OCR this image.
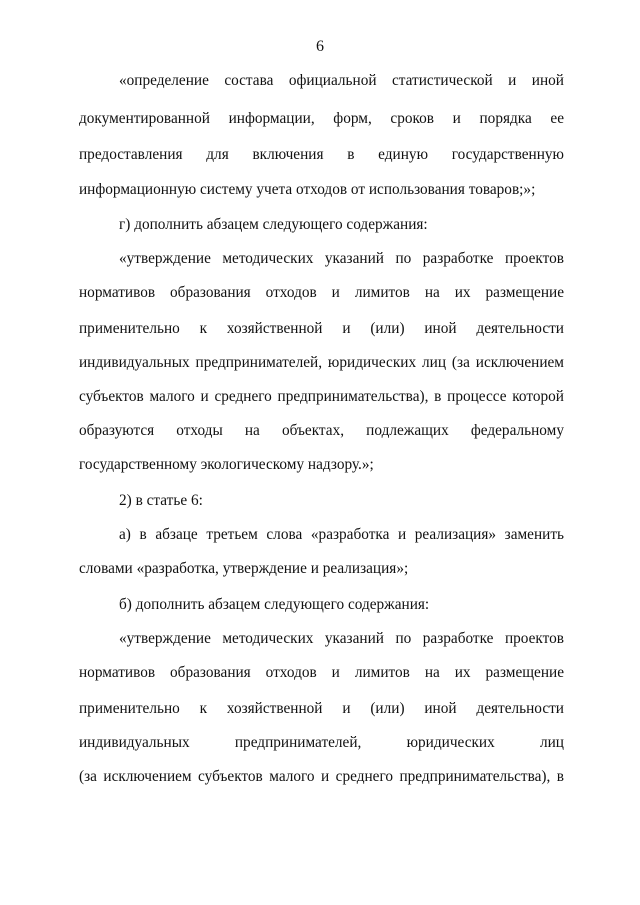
6
«определение состава официальной статистической и иной
документированной информации, форм, сроков и порядка ее
предоставления для включения в единую государственную
информационную систему учета отходов от использования товаров;»;
г) дополнить абзацем следующего содержания:
«утверждение методических указаний по разработке проектов
нормативов образования отходов и лимитов на их размещение
применительно к хозяйственной и (или) иной деятельности
индивидуальных предпринимателей, юридических лиц (за исключением
субъектов малого и среднего предпринимательства), в процессе которой
образуются отходы на объектах, подлежащих федеральному
государственному экологическому надзору.»;
2) в статье 6:
а) в абзаце третьем слова «разработка и реализация» заменить
словами «разработка, утверждение и реализация»;
б) дополнить абзацем следующего содержания:
«утверждение методических указаний по разработке проектов
нормативов образования отходов и лимитов на их размещение
применительно к хозяйственной и (или) иной деятельности
индивидуальных предпринимателей, юридических лиц
(за исключением субъектов малого и среднего предпринимательства), в
